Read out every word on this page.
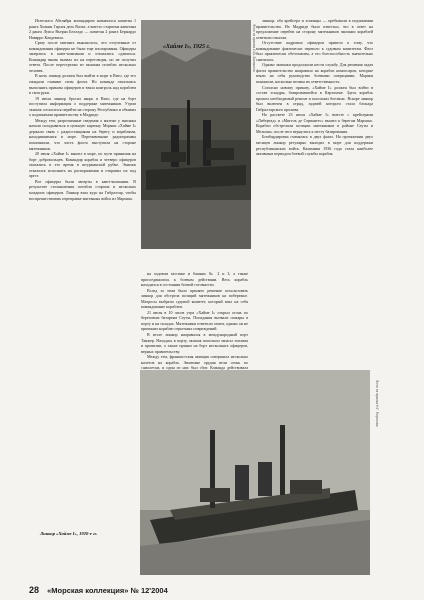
Иглесиаса Абеляйра командиром назначался капитан 1 ранга Хоакин Гарсия дель Валье, а вместо старпома капитана 2 ранга Луиса Вьерна Белладо — капитан 2 ранга Бернардо Наварро Капдевила.

Сразу после митинга выяснилось, что отлученные от командования офицеры не были еще изолированы. Офицеры заперлись в кают-компании и отказались сдаваться. Командир вновь вызвал их на переговоры, но не получил ответа. После перестрелки из экипажа погибли несколько человек.

В ночь линкор должен был выйти в море в Виго, где его ожидали главные силы флота. Но команда отказалась выполнять приказы офицеров и взяла контроль над кораблем в свои руки.

19 июля линкор бросил якорь в Виго, где на борт поступила информация о поддержке мятежников. Утром экипаж согласился перейти на сторону Республики и объявил о подчинении правительству в Мадриде.

Между тем, разрозненные сведения о мятеже у экипажа начали складываться в цельную картину. Моряки «Хайме I» держали связь с радиостанциями на берегу и кораблями, находившимися в море. Перехваченные радиограммы показывали, что часть флота выступила на стороне мятежников.

20 июля «Хайме I» вышел в море, по пути принимая на борт добровольцев. Командир корабля и четверо офицеров оказались в это время в штурманской рубке. Экипаж отказался исполнять их распоряжения и отправил их под арест.

Все офицеры были заперты в кают-компании. В результате столкновения погибли старпом и несколько младших офицеров. Линкор взял курс на Гибралтар, чтобы воспрепятствовать переправке мятежных войск из Марокко.

«Хайме I», 1925 г.	Фото из архива С.В. Балакина

на ходовом мостике и башнях № 2 и 3, а также присоединились к боевым действиям. Весь корабль находился в состоянии боевой готовности.

Вслед за этим было принято решение использовать линкор для обстрела позиций мятежников на побережье. Матросы выбрали судовой комитет, который взял на себя командование кораблем.

21 июля в 10 часов утра «Хайме I» открыл огонь по береговым батареям Сеуты. Попадания вызвали пожары в порту и на складах. Мятежники ответили огнем, однако он не причинил кораблю серьезных повреждений.

В итоге линкор направился в международный порт Танжер. Находясь в порту, экипаж пополнил запасы топлива и провизии, а также принял на борт нескольких офицеров, верных правительству.

Между тем, франкистская авиация совершила несколько налетов на корабль. Зенитные орудия вели огонь по самолетам, и один из них был сбит. Команда действовала

Фото из архива Н.Г. Пирогова
Линкор «Хайме I», 1920-е гг.

линкор, оба крейсера и эсминцы — пребывали в подчинении правительства. На Мадриде было известно, что в ответ на предложение перейти на сторону мятежников экипажи кораблей ответили отказом.

Отсутствие кадровых офицеров привело к тому, что командование фактически перешло к судовым комитетам. Флот был практически обезглавлен, а его боеспособность значительно снизилась.

Однако экипажи продолжали нести службу. Для решения задач флота правительство направило на корабли комиссаров, которые взяли на себя руководство боевыми операциями. Моряки понимали, насколько велика их ответственность.

Согласно новому приказу, «Хайме I» должен был войти в состав эскадры, базировавшейся в Картахене. Здесь корабль прошел необходимый ремонт и пополнил боезапас. Вскоре линкор был включен в отряд, задачей которого стала блокада Гибралтарского пролива.

На рассвете 23 июля «Хайме I» вместе с крейсерами «Либертад» и «Мигель де Сервантес» вышел к берегам Марокко. Корабли обстреляли позиции мятежников в районе Сеуты и Мелильи, после чего вернулись к месту базирования.

Бомбардировка сменялась в двух фазах. На протяжении двух месяцев линкор регулярно выходил в море для поддержки республиканских войск. Кампания 1936 года стала наиболее активным периодом боевой службы корабля.

28 «Морская коллекция» № 12'2004
